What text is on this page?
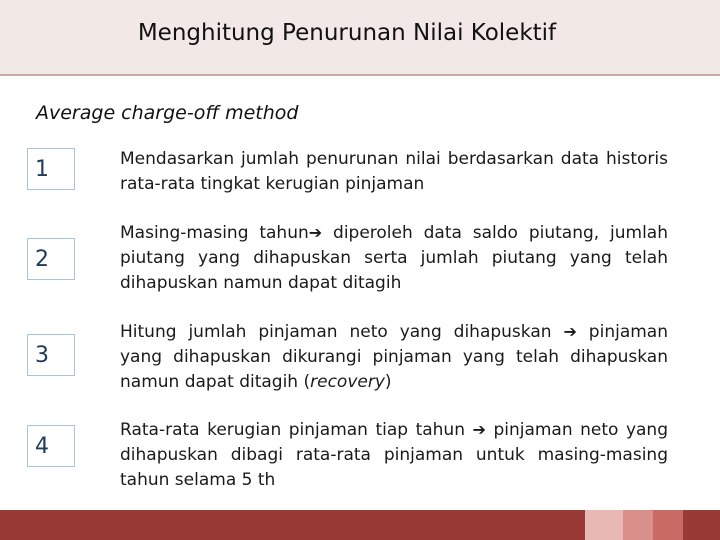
Menghitung Penurunan Nilai Kolektif
Average charge-off method
1	Mendasarkan jumlah penurunan nilai berdasarkan data historis rata-rata tingkat kerugian pinjaman
2
Masing-masing tahun➔ diperoleh data saldo piutang, jumlah piutang yang dihapuskan serta jumlah piutang yang telah dihapuskan namun dapat ditagih
3
Hitung jumlah pinjaman neto yang dihapuskan ➔ pinjaman yang dihapuskan dikurangi pinjaman yang telah dihapuskan namun dapat ditagih (recovery)
4
Rata-rata kerugian pinjaman tiap tahun ➔ pinjaman neto yang dihapuskan dibagi rata-rata pinjaman untuk masing-masing tahun selama 5 th
